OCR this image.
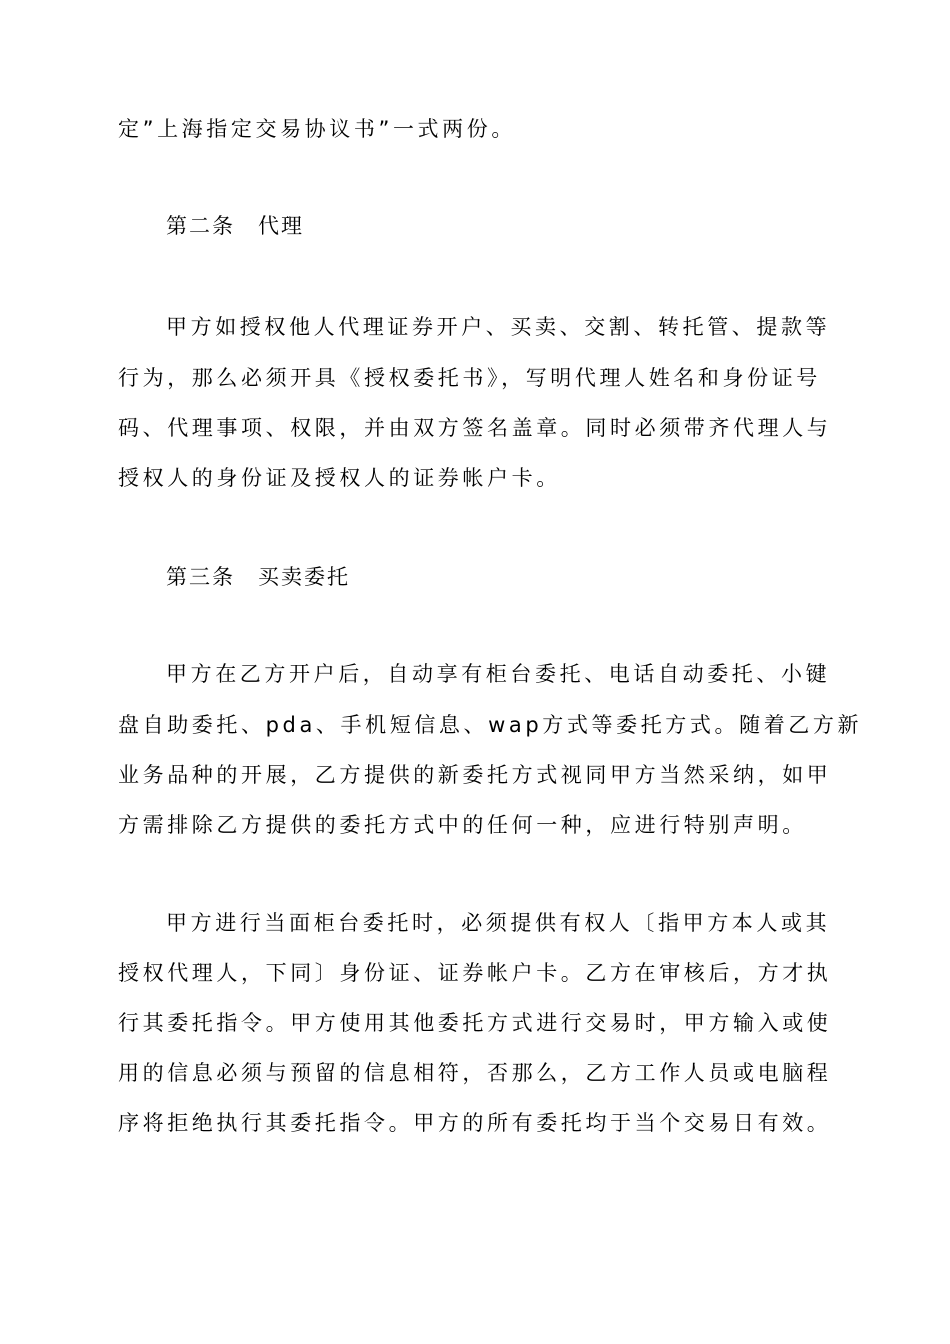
定”上海指定交易协议书”一式两份。
第二条　代理
甲方如授权他人代理证券开户、买卖、交割、转托管、提款等
行为，那么必须开具《授权委托书》，写明代理人姓名和身份证号
码、代理事项、权限，并由双方签名盖章。同时必须带齐代理人与
授权人的身份证及授权人的证券帐户卡。
第三条　买卖委托
甲方在乙方开户后，自动享有柜台委托、电话自动委托、小键
盘自助委托、pda、手机短信息、wap方式等委托方式。随着乙方新
业务品种的开展，乙方提供的新委托方式视同甲方当然采纳，如甲
方需排除乙方提供的委托方式中的任何一种，应进行特别声明。
甲方进行当面柜台委托时，必须提供有权人〔指甲方本人或其
授权代理人，下同〕身份证、证券帐户卡。乙方在审核后，方才执
行其委托指令。甲方使用其他委托方式进行交易时，甲方输入或使
用的信息必须与预留的信息相符，否那么，乙方工作人员或电脑程
序将拒绝执行其委托指令。甲方的所有委托均于当个交易日有效。
